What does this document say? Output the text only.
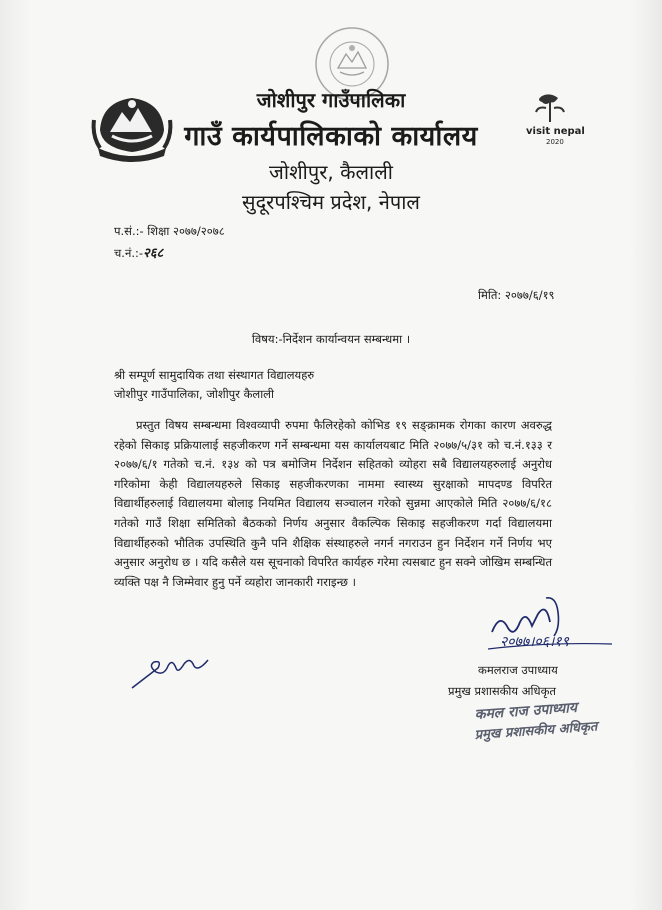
visit nepal
2020
जोशीपुर गाउँपालिका
गाउँ कार्यपालिकाको कार्यालय
जोशीपुर, कैलाली
सुदूरपश्चिम प्रदेश, नेपाल
प.सं.:- शिक्षा २०७७/२०७८
च.नं.:-२६८
मिति: २०७७/६/१९
विषय:-निर्देशन कार्यान्वयन सम्बन्धमा ।
श्री सम्पूर्ण सामुदायिक तथा संस्थागत विद्यालयहरु
जोशीपुर गाउँपालिका, जोशीपुर कैलाली

प्रस्तुत विषय सम्बन्धमा विश्वव्यापी रुपमा फैलिरहेको कोभिड १९ सङ्क्रामक रोगका कारण अवरुद्ध रहेको सिकाइ प्रक्रियालाई सहजीकरण गर्ने सम्बन्धमा यस कार्यालयबाट मिति २०७७/५/३१ को च.नं.१३३ र २०७७/६/१ गतेको च.नं. १३४ को पत्र बमोजिम निर्देशन सहितको व्योहरा सबै विद्यालयहरुलाई अनुरोध गरिकोमा केही विद्यालयहरुले सिकाइ सहजीकरणका नाममा स्वास्थ्य सुरक्षाको मापदण्ड विपरित विद्यार्थीहरुलाई विद्यालयमा बोलाइ नियमित विद्यालय सञ्चालन गरेको सुन्नमा आएकोले मिति २०७७/६/१८ गतेको गाउँ शिक्षा समितिको बैठकको निर्णय अनुसार वैकल्पिक सिकाइ सहजीकरण गर्दा विद्यालयमा विद्यार्थीहरुको भौतिक उपस्थिति कुनै पनि शैक्षिक संस्थाहरुले नगर्न नगराउन हुन निर्देशन गर्ने निर्णय भए अनुसार अनुरोध छ । यदि कसैले यस सूचनाको विपरित कार्यहरु गरेमा त्यसबाट हुन सक्ने जोखिम सम्बन्धित व्यक्ति पक्ष नै जिम्मेवार हुनु पर्ने व्यहोरा जानकारी गराइन्छ ।

२०७७।०६।१९
कमलराज उपाध्याय
प्रमुख प्रशासकीय अधिकृत
कमल राज उपाध्याय
प्रमुख प्रशासकीय अधिकृत
